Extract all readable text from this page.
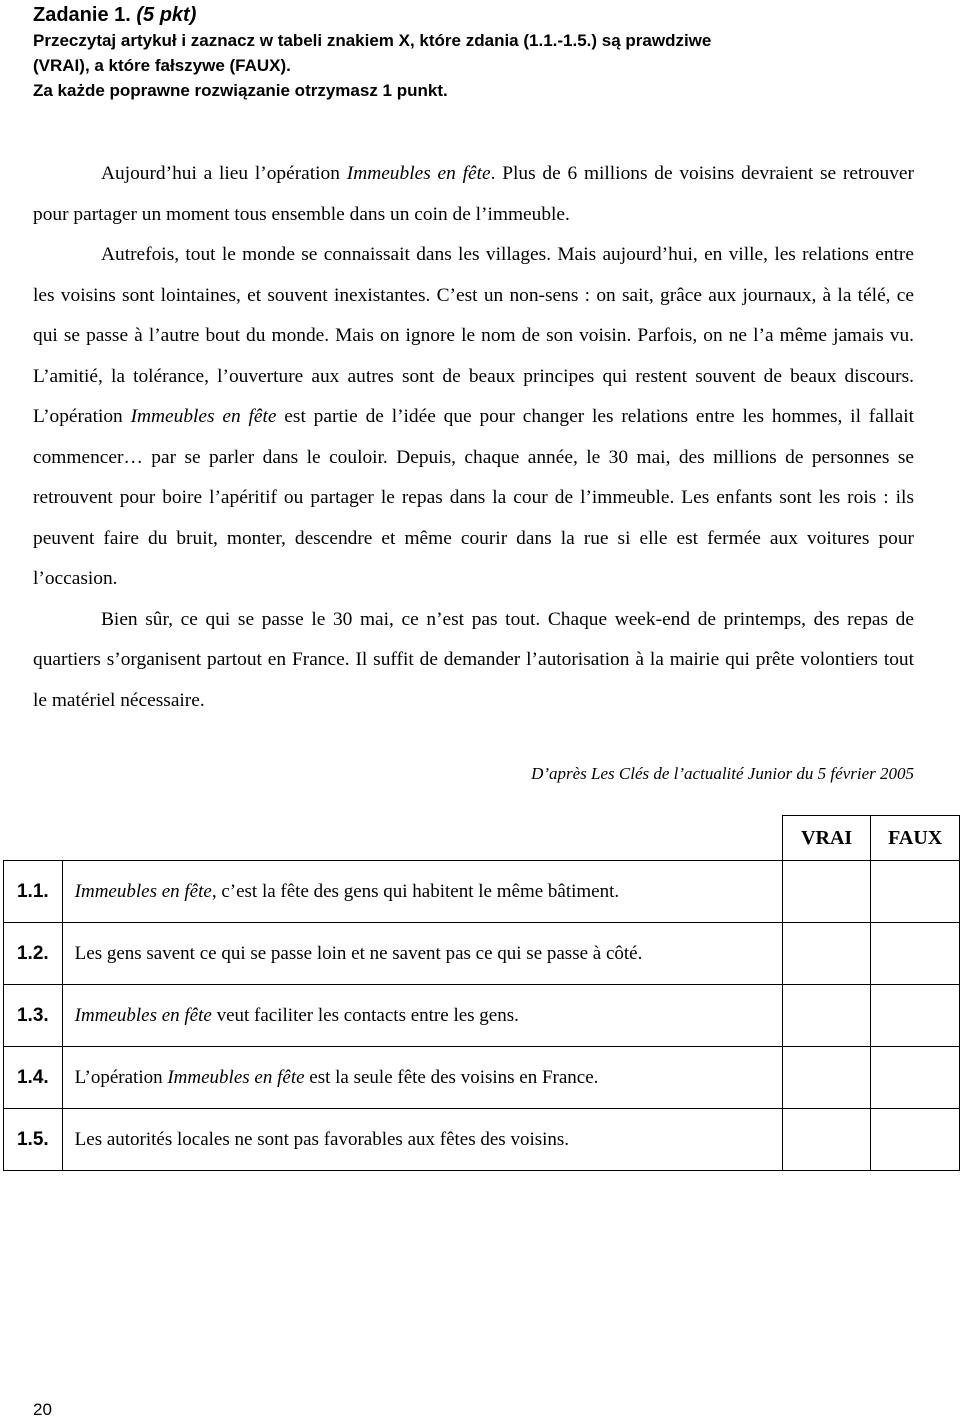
Zadanie 1. (5 pkt)
Przeczytaj artykuł i zaznacz w tabeli znakiem X, które zdania (1.1.-1.5.) są prawdziwe
(VRAI), a które fałszywe (FAUX).
Za każde poprawne rozwiązanie otrzymasz 1 punkt.

Aujourd’hui a lieu l’opération Immeubles en fête. Plus de 6 millions de voisins devraient se retrouver pour partager un moment tous ensemble dans un coin de l’immeuble.
Autrefois, tout le monde se connaissait dans les villages. Mais aujourd’hui, en ville, les relations entre les voisins sont lointaines, et souvent inexistantes. C’est un non-sens : on sait, grâce aux journaux, à la télé, ce qui se passe à l’autre bout du monde. Mais on ignore le nom de son voisin. Parfois, on ne l’a même jamais vu. L’amitié, la tolérance, l’ouverture aux autres sont de beaux principes qui restent souvent de beaux discours. L’opération Immeubles en fête est partie de l’idée que pour changer les relations entre les hommes, il fallait commencer… par se parler dans le couloir. Depuis, chaque année, le 30 mai, des millions de personnes se retrouvent pour boire l’apéritif ou partager le repas dans la cour de l’immeuble. Les enfants sont les rois : ils peuvent faire du bruit, monter, descendre et même courir dans la rue si elle est fermée aux voitures pour l’occasion.

Bien sûr, ce qui se passe le 30 mai, ce n’est pas tout. Chaque week-end de printemps, des repas de quartiers s’organisent partout en France. Il suffit de demander l’autorisation à la mairie qui prête volontiers tout le matériel nécessaire.

D’après Les Clés de l’actualité Junior du 5 février 2005
		VRAI	FAUX
1.1.	Immeubles en fête, c’est la fête des gens qui habitent le même bâtiment.		
1.2.	Les gens savent ce qui se passe loin et ne savent pas ce qui se passe à côté.		
1.3.	Immeubles en fête veut faciliter les contacts entre les gens.		
1.4.	L’opération Immeubles en fête est la seule fête des voisins en France.		
1.5.	Les autorités locales ne sont pas favorables aux fêtes des voisins.		
20
